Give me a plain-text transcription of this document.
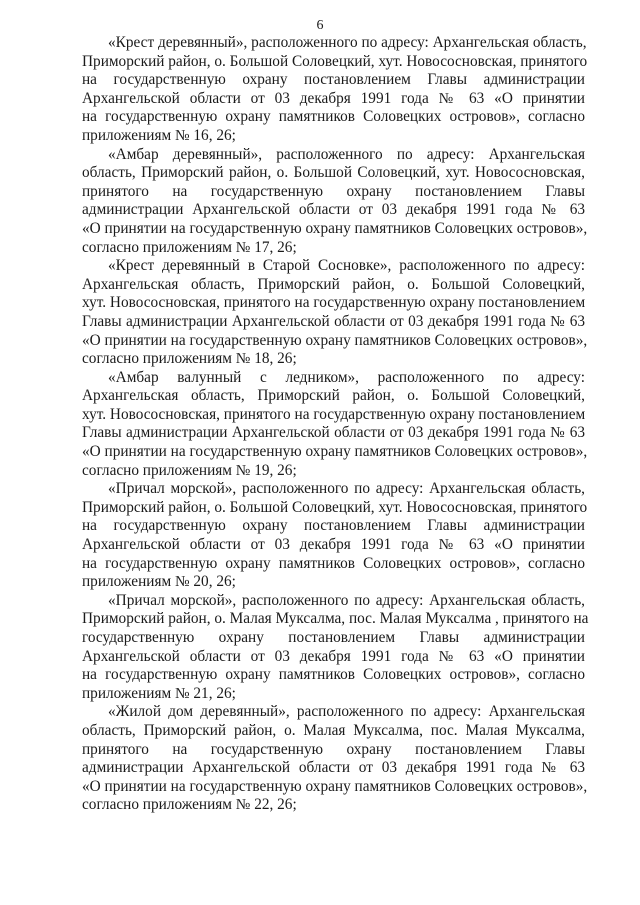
6
«Крест деревянный», расположенного по адресу: Архангельская область,
Приморский район, о. Большой Соловецкий, хут. Новососновская, принятого
на государственную охрану постановлением Главы администрации
Архангельской области от 03 декабря 1991 года № 63 «О принятии
на государственную охрану памятников Соловецких островов», согласно
приложениям № 16, 26;
«Амбар деревянный», расположенного по адресу: Архангельская
область, Приморский район, о. Большой Соловецкий, хут. Новососновская,
принятого на государственную охрану постановлением Главы
администрации Архангельской области от 03 декабря 1991 года № 63
«О принятии на государственную охрану памятников Соловецких островов»,
согласно приложениям № 17, 26;
«Крест деревянный в Старой Сосновке», расположенного по адресу:
Архангельская область, Приморский район, о. Большой Соловецкий,
хут. Новососновская, принятого на государственную охрану постановлением
Главы администрации Архангельской области от 03 декабря 1991 года № 63
«О принятии на государственную охрану памятников Соловецких островов»,
согласно приложениям № 18, 26;
«Амбар валунный с ледником», расположенного по адресу:
Архангельская область, Приморский район, о. Большой Соловецкий,
хут. Новососновская, принятого на государственную охрану постановлением
Главы администрации Архангельской области от 03 декабря 1991 года № 63
«О принятии на государственную охрану памятников Соловецких островов»,
согласно приложениям № 19, 26;
«Причал морской», расположенного по адресу: Архангельская область,
Приморский район, о. Большой Соловецкий, хут. Новососновская, принятого
на государственную охрану постановлением Главы администрации
Архангельской области от 03 декабря 1991 года № 63 «О принятии
на государственную охрану памятников Соловецких островов», согласно
приложениям № 20, 26;
«Причал морской», расположенного по адресу: Архангельская область,
Приморский район, о. Малая Муксалма, пос. Малая Муксалма , принятого на
государственную охрану постановлением Главы администрации
Архангельской области от 03 декабря 1991 года № 63 «О принятии
на государственную охрану памятников Соловецких островов», согласно
приложениям № 21, 26;
«Жилой дом деревянный», расположенного по адресу: Архангельская
область, Приморский район, о. Малая Муксалма, пос. Малая Муксалма,
принятого на государственную охрану постановлением Главы
администрации Архангельской области от 03 декабря 1991 года № 63
«О принятии на государственную охрану памятников Соловецких островов»,
согласно приложениям № 22, 26;
